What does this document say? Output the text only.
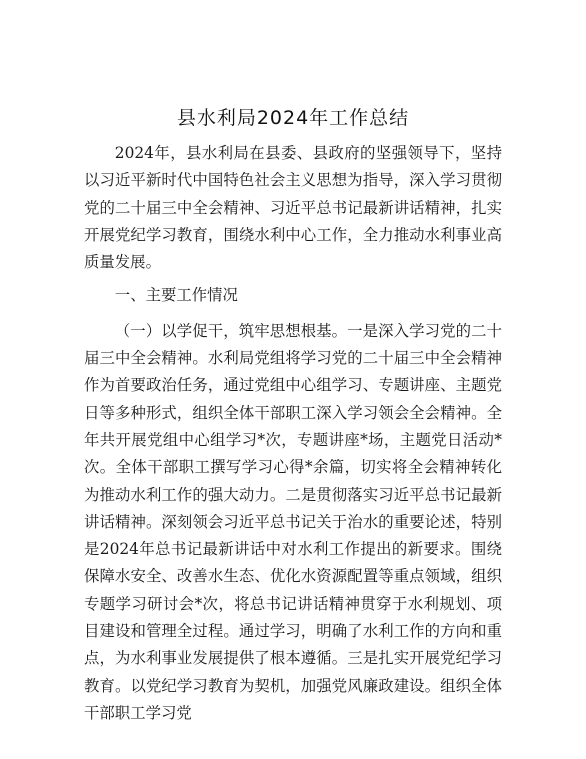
县水利局2024年工作总结

2024年，县水利局在县委、县政府的坚强领导下，坚持以习近平新时代中国特色社会主义思想为指导，深入学习贯彻党的二十届三中全会精神、习近平总书记最新讲话精神，扎实开展党纪学习教育，围绕水利中心工作，全力推动水利事业高质量发展。

一、主要工作情况

（一）以学促干，筑牢思想根基。一是深入学习党的二十届三中全会精神。水利局党组将学习党的二十届三中全会精神作为首要政治任务，通过党组中心组学习、专题讲座、主题党日等多种形式，组织全体干部职工深入学习领会全会精神。全年共开展党组中心组学习*次，专题讲座*场，主题党日活动*次。全体干部职工撰写学习心得*余篇，切实将全会精神转化为推动水利工作的强大动力。二是贯彻落实习近平总书记最新讲话精神。深刻领会习近平总书记关于治水的重要论述，特别是2024年总书记最新讲话中对水利工作提出的新要求。围绕保障水安全、改善水生态、优化水资源配置等重点领域，组织专题学习研讨会*次，将总书记讲话精神贯穿于水利规划、项目建设和管理全过程。通过学习，明确了水利工作的方向和重点，为水利事业发展提供了根本遵循。三是扎实开展党纪学习教育。以党纪学习教育为契机，加强党风廉政建设。组织全体干部职工学习党
